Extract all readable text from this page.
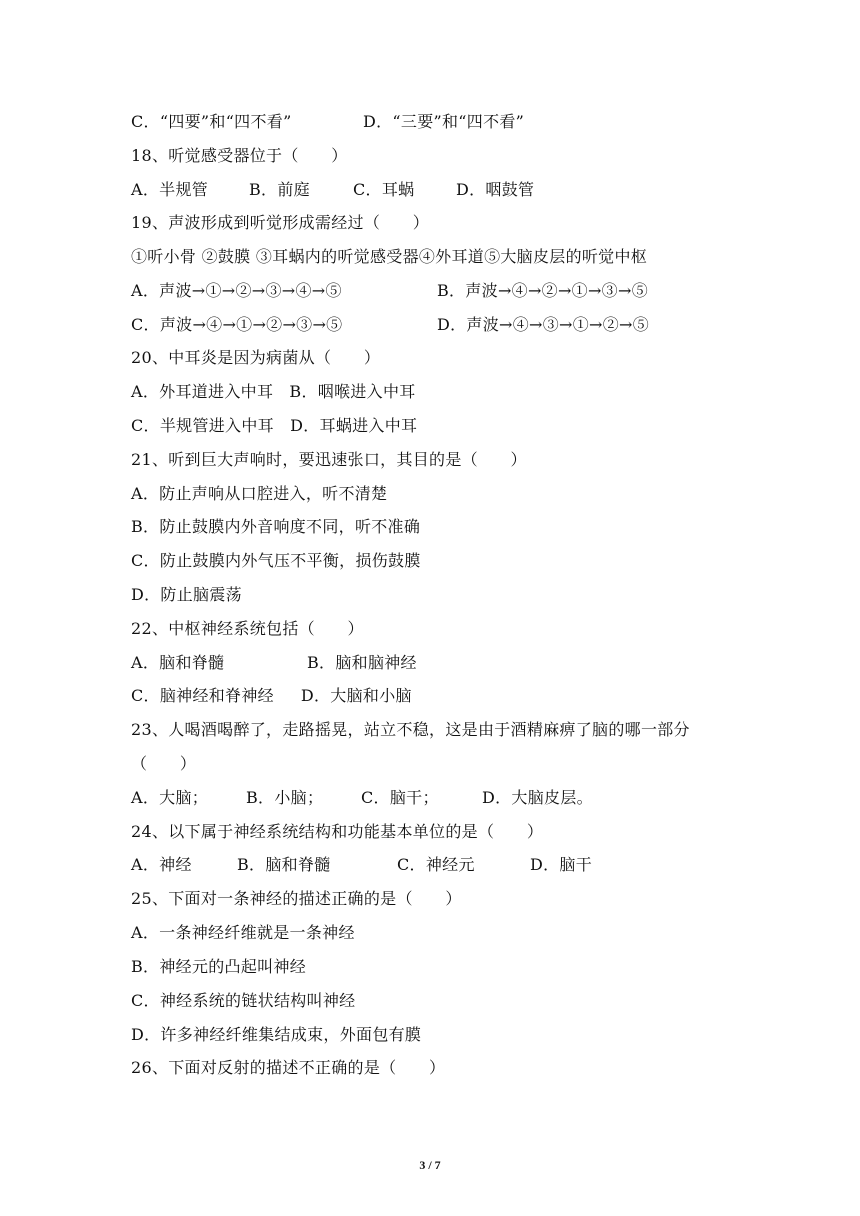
C．“四要”和“四不看”	D．“三要”和“四不看”
18、听觉感受器位于（　　）
A．半规管	B．前庭	C．耳蜗	D．咽鼓管
19、声波形成到听觉形成需经过（　　）
①听小骨 ②鼓膜 ③耳蜗内的听觉感受器④外耳道⑤大脑皮层的听觉中枢
A．声波→①→②→③→④→⑤	B．声波→④→②→①→③→⑤
C．声波→④→①→②→③→⑤	D．声波→④→③→①→②→⑤
20、中耳炎是因为病菌从（　　）
A．外耳道进入中耳   B．咽喉进入中耳
C．半规管进入中耳   D．耳蜗进入中耳
21、听到巨大声响时，要迅速张口，其目的是（　　）
A．防止声响从口腔进入，听不清楚
B．防止鼓膜内外音响度不同，听不准确
C．防止鼓膜内外气压不平衡，损伤鼓膜
D．防止脑震荡
22、中枢神经系统包括（　　）
A．脑和脊髓	B．脑和脑神经
C．脑神经和脊神经     D．大脑和小脑
23、人喝酒喝醉了，走路摇晃，站立不稳，这是由于酒精麻痹了脑的哪一部分
（　　）
A．大脑； B．小脑； C．脑干；	D．大脑皮层。
24、以下属于神经系统结构和功能基本单位的是（　　）
A．神经	B．脑和脊髓	C．神经元	D．脑干
25、下面对一条神经的描述正确的是（　　）
A．一条神经纤维就是一条神经
B．神经元的凸起叫神经
C．神经系统的链状结构叫神经
D．许多神经纤维集结成束，外面包有膜
26、下面对反射的描述不正确的是（　　）
3 / 7
